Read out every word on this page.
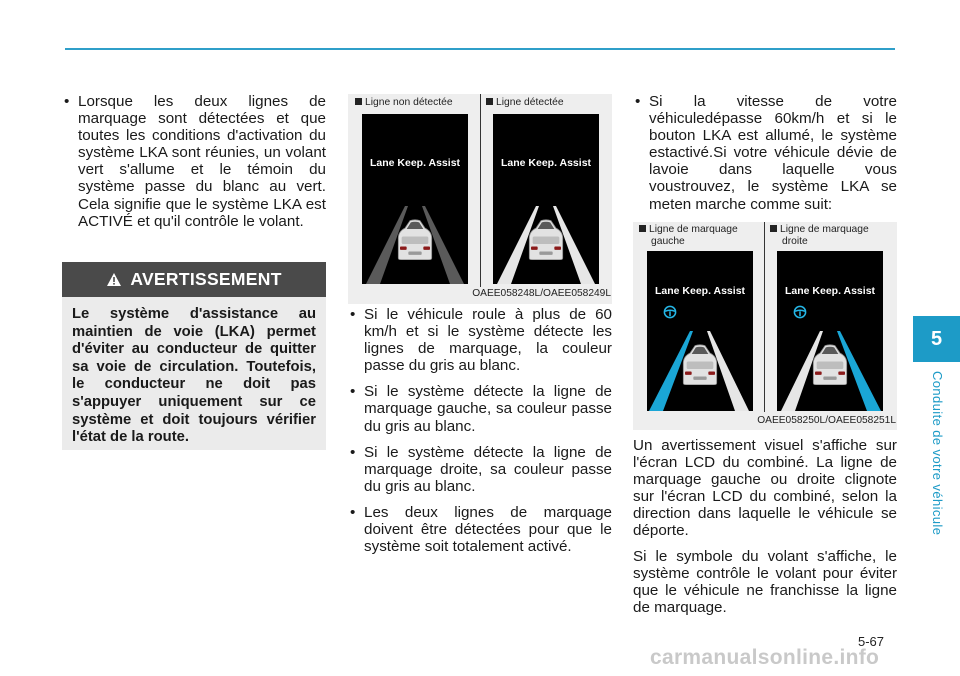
5
Conduite de votre véhicule
• Lorsque les deux lignes de marquage sont détectées et que toutes les conditions d'activation du système LKA sont réunies, un volant vert s'allume et le témoin du système passe du blanc au vert. Cela signifie que le système LKA est ACTIVÉ et qu'il contrôle le volant.
AVERTISSEMENT
Le système d'assistance au maintien de voie (LKA) permet d'éviter au conducteur de quitter sa voie de circulation. Toutefois, le conducteur ne doit pas s'appuyer uniquement sur ce système et doit toujours vérifier l'état de la route.
Ligne non détectée	Ligne détectée
Lane Keep. Assist	Lane Keep. Assist
OAEE058248L/OAEE058249L
• Si le véhicule roule à plus de 60 km/h et si le système détecte les lignes de marquage, la couleur passe du gris au blanc.
• Si le système détecte la ligne de marquage gauche, sa couleur passe du gris au blanc.
• Si le système détecte la ligne de marquage droite, sa couleur passe du gris au blanc.
• Les deux lignes de marquage doivent être détectées pour que le système soit totalement activé.
• Si la vitesse de votre véhiculedépasse 60km/h et si le bouton LKA est allumé, le système estactivé.Si votre véhicule dévie de lavoie dans laquelle vous voustrouvez, le système LKA se meten marche comme suit:
Ligne de marquage
gauche
Ligne de marquage
droite
Lane Keep. Assist	Lane Keep. Assist
OAEE058250L/OAEE058251L

Un avertissement visuel s'affiche sur l'écran LCD du combiné. La ligne de marquage gauche ou droite clignote sur l'écran LCD du combiné, selon la direction dans laquelle le véhicule se déporte.

Si le symbole du volant s'affiche, le système contrôle le volant pour éviter que le véhicule ne franchisse la ligne de marquage.

5-67
carmanualsonline.info
